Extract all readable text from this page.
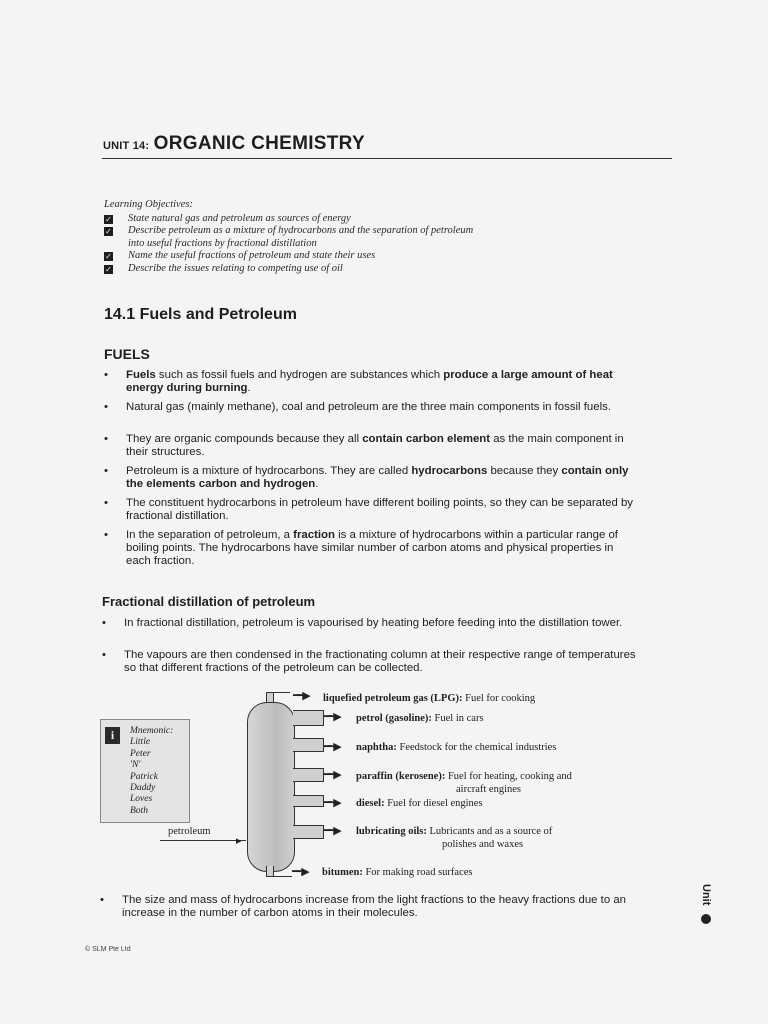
UNIT 14: ORGANIC CHEMISTRY
Learning Objectives:
✓ State natural gas and petroleum as sources of energy
✓ Describe petroleum as a mixture of hydrocarbons and the separation of petroleum into useful fractions by fractional distillation
✓ Name the useful fractions of petroleum and state their uses
✓ Describe the issues relating to competing use of oil
14.1 Fuels and Petroleum
FUELS
• Fuels such as fossil fuels and hydrogen are substances which produce a large amount of heat energy during burning.
• Natural gas (mainly methane), coal and petroleum are the three main components in fossil fuels.
• They are organic compounds because they all contain carbon element as the main component in their structures.
• Petroleum is a mixture of hydrocarbons. They are called hydrocarbons because they contain only the elements carbon and hydrogen.
• The constituent hydrocarbons in petroleum have different boiling points, so they can be separated by fractional distillation.
• In the separation of petroleum, a fraction is a mixture of hydrocarbons within a particular range of boiling points. The hydrocarbons have similar number of carbon atoms and physical properties in each fraction.
Fractional distillation of petroleum
• In fractional distillation, petroleum is vapourised by heating before feeding into the distillation tower.
• The vapours are then condensed in the fractionating column at their respective range of temperatures so that different fractions of the petroleum can be collected.
i	Mnemonic:
Little
Peter
'N'
Patrick
Daddy
Loves
Both
petroleum
▸
━━▶ liquefied petroleum gas (LPG): Fuel for cooking
━━▶ petrol (gasoline): Fuel in cars
━━▶ naphtha: Feedstock for the chemical industries
━━▶ paraffin (kerosene): Fuel for heating, cooking and
aircraft engines
━━▶ diesel: Fuel for diesel engines
━━▶ lubricating oils: Lubricants and as a source of
polishes and waxes
━━▶ bitumen: For making road surfaces
• The size and mass of hydrocarbons increase from the light fractions to the heavy fractions due to an increase in the number of carbon atoms in their molecules.
Unit
© SLM Pte Ltd
